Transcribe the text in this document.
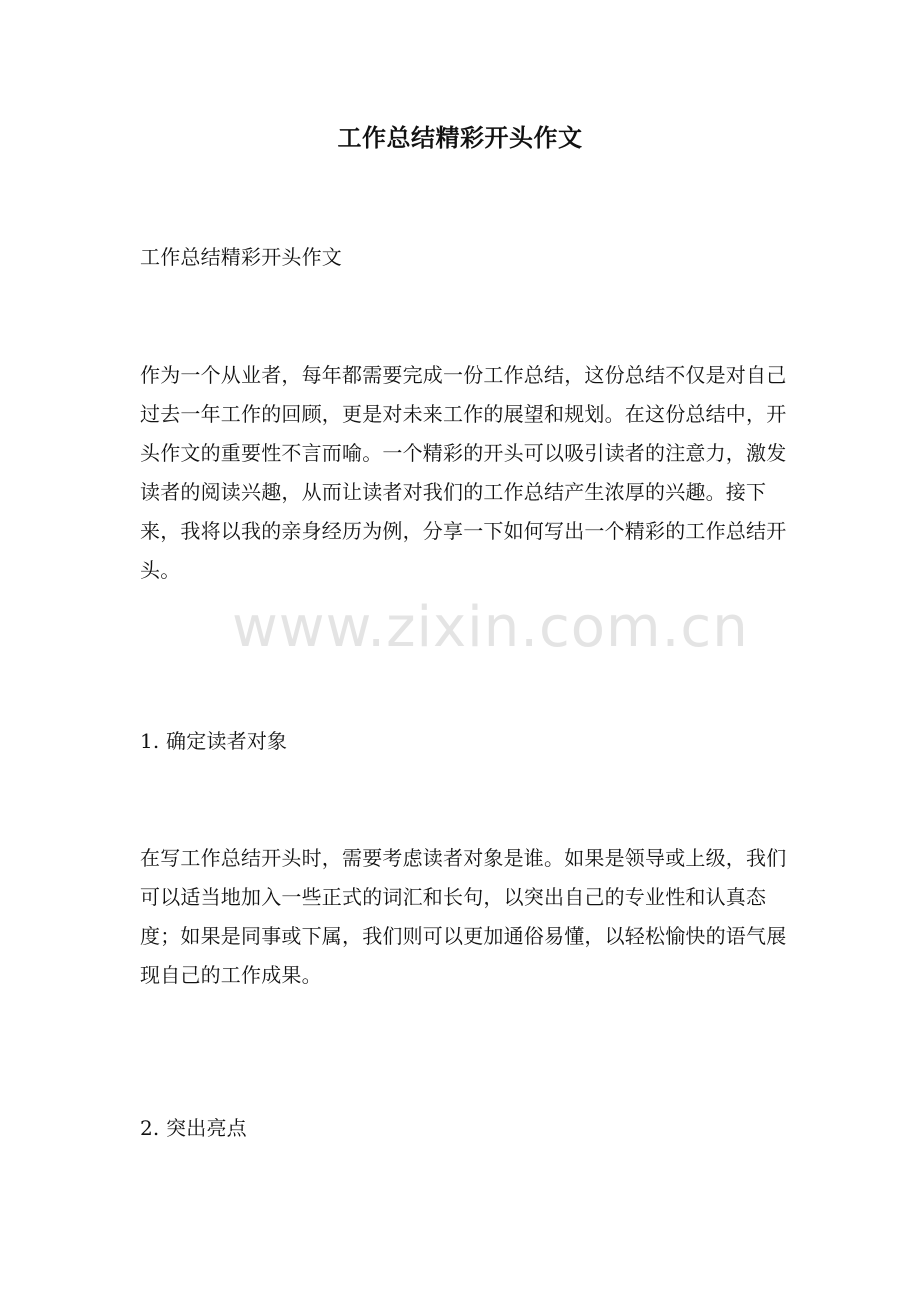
工作总结精彩开头作文
工作总结精彩开头作文
作为一个从业者，每年都需要完成一份工作总结，这份总结不仅是对自己过去一年工作的回顾，更是对未来工作的展望和规划。在这份总结中，开头作文的重要性不言而喻。一个精彩的开头可以吸引读者的注意力，激发读者的阅读兴趣，从而让读者对我们的工作总结产生浓厚的兴趣。接下来，我将以我的亲身经历为例，分享一下如何写出一个精彩的工作总结开头。
1. 确定读者对象
在写工作总结开头时，需要考虑读者对象是谁。如果是领导或上级，我们可以适当地加入一些正式的词汇和长句，以突出自己的专业性和认真态度；如果是同事或下属，我们则可以更加通俗易懂，以轻松愉快的语气展现自己的工作成果。
2. 突出亮点
www.zixin.com.cn
